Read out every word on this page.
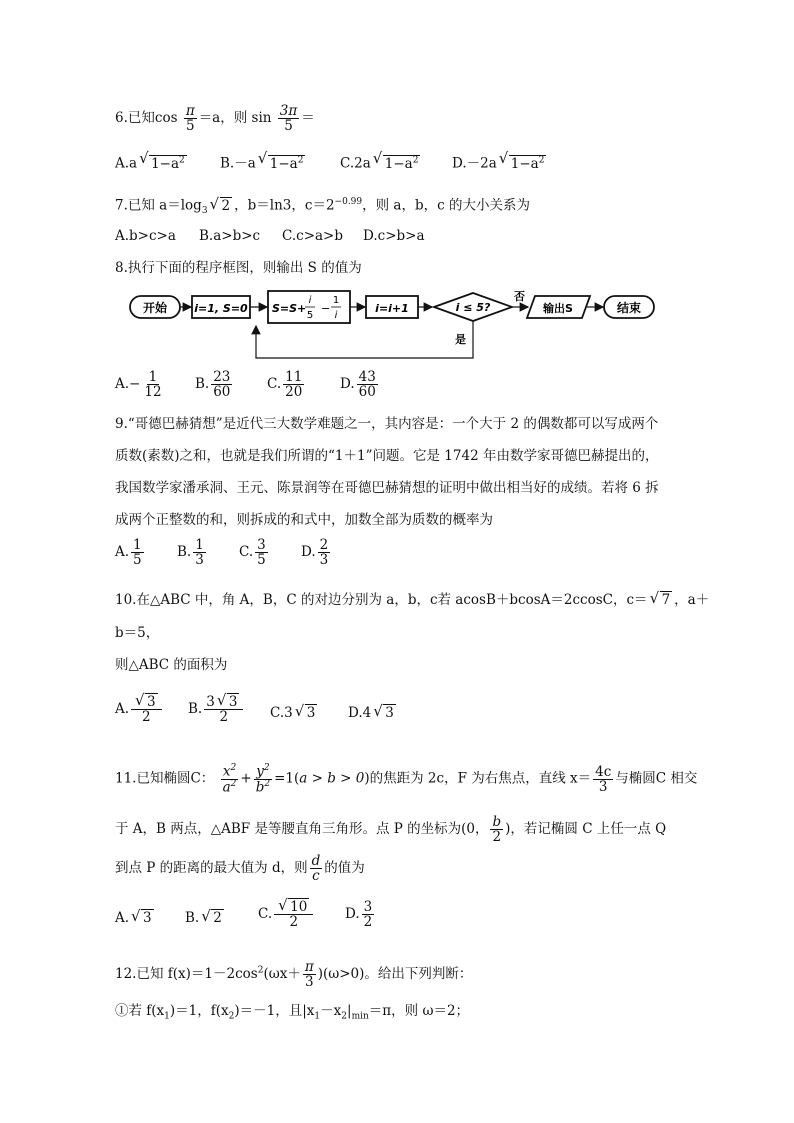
6.已知$\cos \frac{\pi}{5} =a$，则 $\sin \frac{3\pi}{5}$ ＝
A.a √ $1-a^2$	B.－a √ $1-a^2$	C.2a √ $1-a^2$ D.－2a √ $1-a^2$
7.已知 $a=\log_3$ √ 2 ，b＝ln3，$c=2^{-0.99}$，则 a，b，c 的大小关系为
A.b>c>a B.a>b>c C.c>a>b D.c>b>a
8.执行下面的程序框图，则输出 S 的值为
开始 i=1, S=0 S=S+
i
5
−
1
i
i=i+1	i ≤ 5?
否
输出S	结束
是
$A.- \frac{1}{12} B$. $\frac{23}{60}$	C. $\frac{11}{20}$	D. $\frac{43}{60}$
9.“哥德巴赫猜想”是近代三大数学难题之一，其内容是：一个大于 2 的偶数都可以写成两个
质数(素数)之和，也就是我们所谓的“1＋1”问题。它是 1742 年由数学家哥德巴赫提出的，
我国数学家潘承洞、王元、陈景润等在哥德巴赫猜想的证明中做出相当好的成绩。若将 6 拆
成两个正整数的和，则拆成的和式中，加数全部为质数的概率为
A. $\frac{1}{5} B$. $\frac{1}{3} C$. $\frac{3}{5} D$. $\frac{2}{3}$
10.在△ABC 中，角 A，B，C 的对边分别为 a，b，c若 acosB＋bcosA＝2ccosC，c＝ √ 7 ，a＋
b＝5，
则△ABC 的面积为
A. $\frac{√ 3}{2} B$. $\frac{3 √ 3}{2} C.3$ √ 3 D.4 √ 3
11.已知椭圆C： $\frac{x^2}{a^2} + \frac{y^2}{b^2} =1(a > b > 0)$的焦距为 2c，F 为右焦点，直线 $x= \frac{4c}{3}$ 与椭圆C 相交
于 A，B 两点，△ABF 是等腰直角三角形。点 P 的坐标为(0， $\frac{b}{2}$ )，若记椭圆 C 上任一点 Q
到点 P 的距离的最大值为 d，则 $\frac{d}{c}$ 的值为
A. √ 3 B. √ 2	C. $\frac{√ 10}{2} D$. $\frac{3}{2}$
12.已知 $f(x)=1-2\cos^2(\omega x+ \frac{\pi}{3} )(\omega>0)$。给出下列判断：
①若 $f(x_1)=1$，$f(x_2)=-1$，且$|x_1-x_2|_{min}=\pi$，则 ω＝2；
